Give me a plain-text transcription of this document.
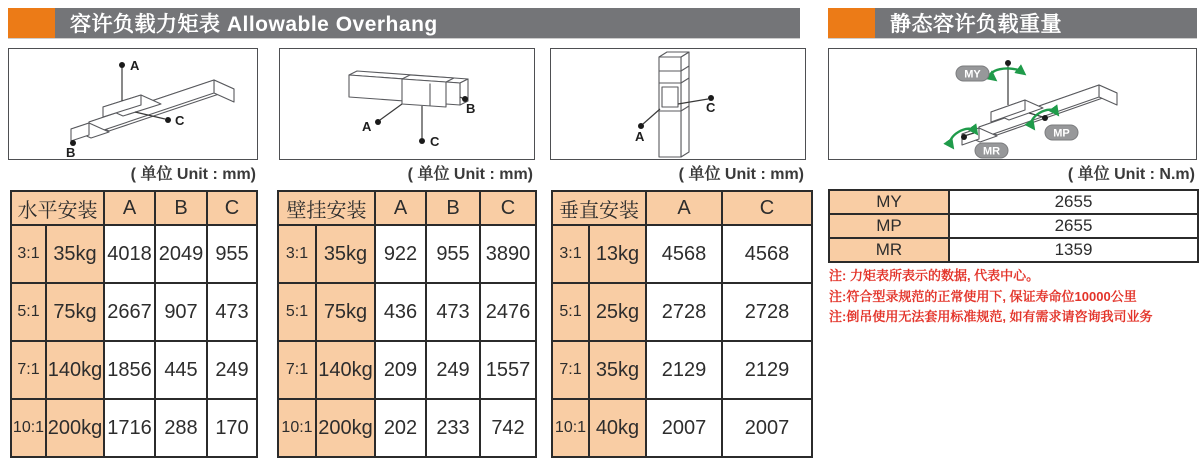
容许负载力矩表 Allowable Overhang	静态容许负载重量
A
C
B
A
C
B
A
C
MY
MP
MR
( 单位 Unit : mm)	( 单位 Unit : mm)	( 单位 Unit : mm)	( 单位 Unit : N.m)
水平安装		A	B	C
3:1	35kg	4018	2049	955
5:1	75kg	2667	907	473
7:1	140kg	1856	445	249
10:1	200kg	1716	288	170
壁挂安装		A	B	C
3:1	35kg	922	955	3890
5:1	75kg	436	473	2476
7:1	140kg	209	249	1557
10:1	200kg	202	233	742
垂直安装		A	C
3:1	13kg	4568	4568
5:1	25kg	2728	2728
7:1	35kg	2129	2129
10:1	40kg	2007	2007
MY	2655
MP	2655
MR	1359
注: 力矩表所表示的数据, 代表中心。
注:符合型录规范的正常使用下, 保证寿命位10000公里
注:倒吊使用无法套用标准规范, 如有需求请咨询我司业务
